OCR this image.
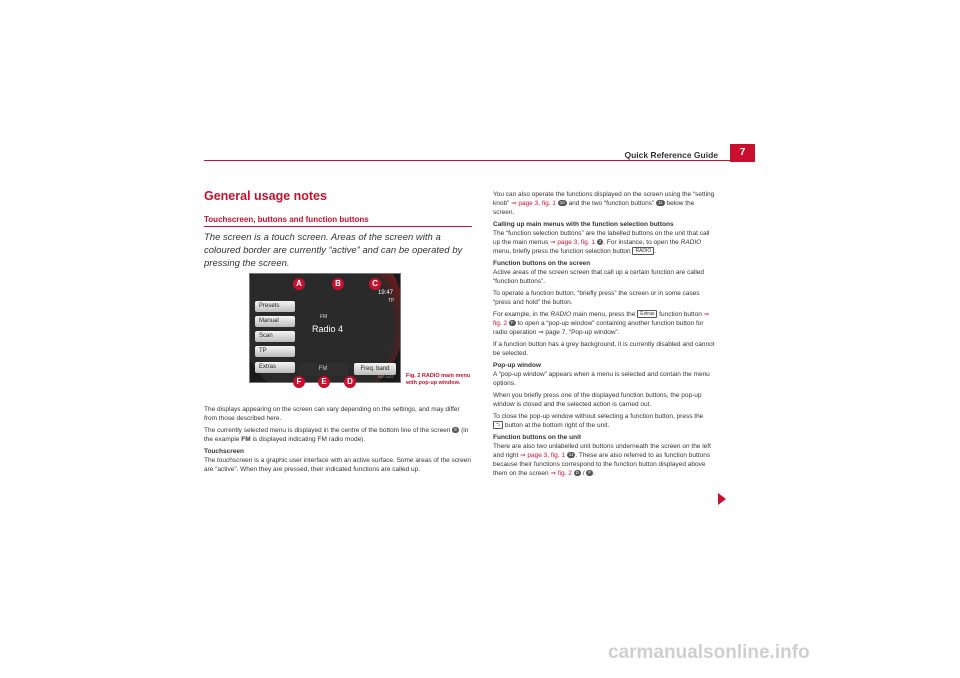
Quick Reference Guide	7
General usage notes
Touchscreen, buttons and function buttons
The screen is a touch screen. Areas of the screen with a coloured border are currently “active” and can be operated by pressing the screen.
Presets
Manual
Scan
TP
Extras
19:47
TP
FM
Radio 4
FM	Freq. band
B6P-0422
A	B	C
D
E
F
Fig. 2 RADIO main menu with pop-up window.

The displays appearing on the screen can vary depending on the settings, and may differ from those described here.

The currently selected menu is displayed in the centre of the bottom line of the screen E (in the example FM is displayed indicating FM radio mode).

Touchscreen

The touchscreen is a graphic user interface with an active surface. Some areas of the screen are “active”. When they are pressed, their indicated functions are called up.

You can also operate the functions displayed on the screen using the “setting knob” ⇒ page 3, fig. 1 10 and the two “function buttons” 11 below the screen.

Calling up main menus with the function selection buttons

The “function selection buttons” are the labelled buttons on the unit that call up the main menus ⇒ page 3, fig. 1 2 . For instance, to open the RADIO menu, briefly press the function selection button RADIO .

Function buttons on the screen

Active areas of the screen screen that call up a certain function are called “function buttons”.

To operate a function button, “briefly press” the screen or in some cases “press and hold” the button.

For example, in the RADIO main menu, press the Extras function button ⇒ fig. 2 F to open a “pop-up window” containing another function button for radio operation ⇒ page 7, “Pop-up window”.

If a function button has a grey background, it is currently disabled and cannot be selected.

Pop-up window

A “pop-up window” appears when a menu is selected and contain the menu options.

When you briefly press one of the displayed function buttons, the pop-up window is closed and the selected action is carried out.

To close the pop-up window without selecting a function button, press the ⮌ button at the bottom right of the unit.

Function buttons on the unit

There are also two unlabelled unit buttons underneath the screen on the left and right ⇒ page 3, fig. 1 11 . These are also referred to as function buttons because their functions correspond to the function button displayed above them on the screen ⇒ fig. 2 D / F .

carmanualsonline.info
